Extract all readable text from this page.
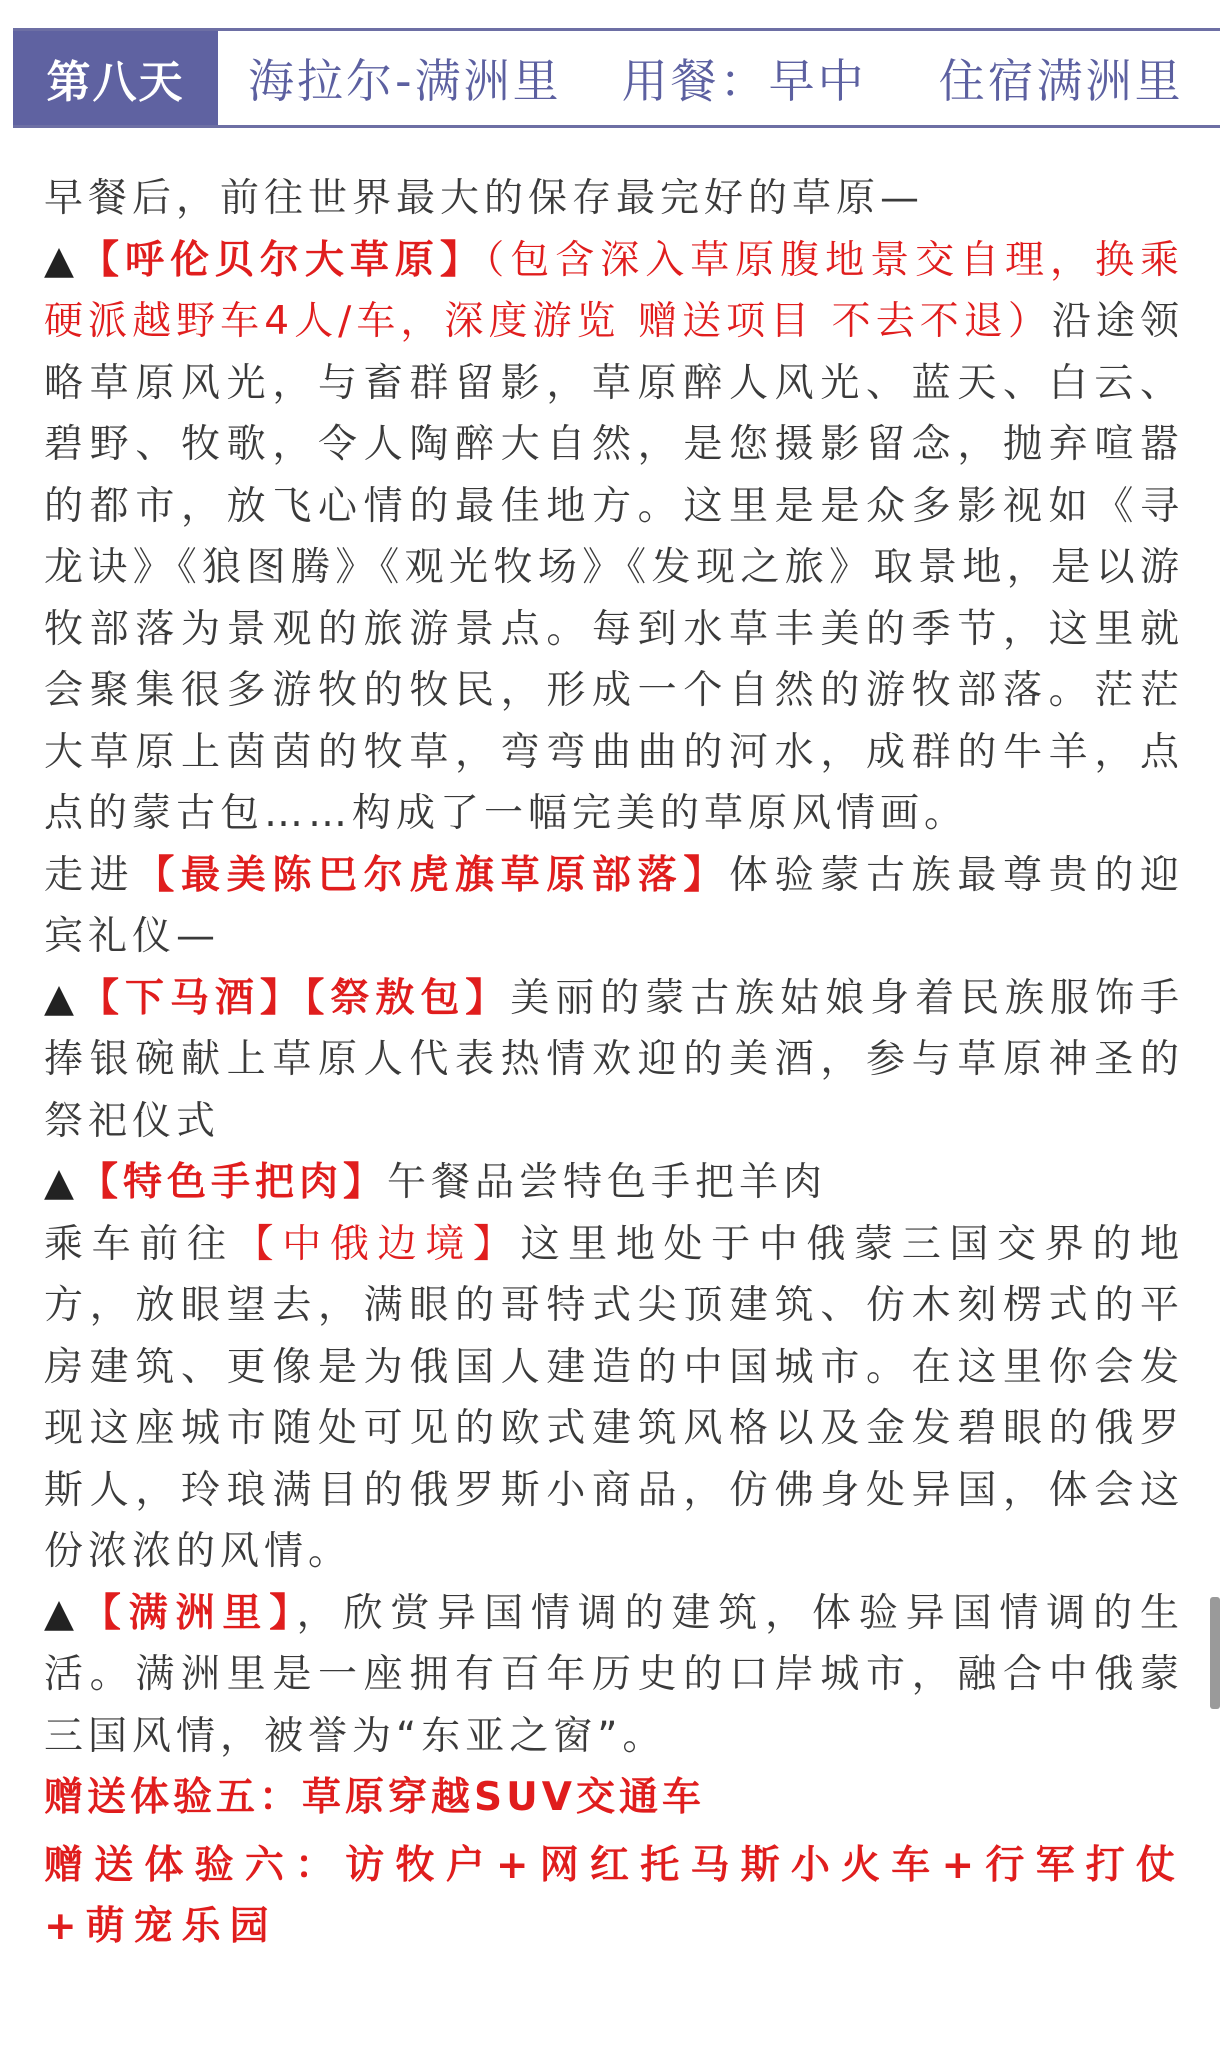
第八天	海拉尔-满洲里 用餐：早中 住宿满洲里

早餐后，前往世界最大的保存最完好的草原—

▲【呼伦贝尔大草原】（包含深入草原腹地景交自理，换乘硬派越野车4人/车，深度游览 赠送项目 不去不退）沿途领略草原风光，与畜群留影，草原醉人风光、蓝天、白云、碧野、牧歌，令人陶醉大自然，是您摄影留念，抛弃喧嚣的都市，放飞心情的最佳地方。这里是是众多影视如《寻龙诀》《狼图腾》《观光牧场》《发现之旅》取景地，是以游牧部落为景观的旅游景点。每到水草丰美的季节，这里就会聚集很多游牧的牧民，形成一个自然的游牧部落。茫茫大草原上茵茵的牧草，弯弯曲曲的河水，成群的牛羊，点点的蒙古包……构成了一幅完美的草原风情画。

走进【最美陈巴尔虎旗草原部落】体验蒙古族最尊贵的迎宾礼仪—

▲【下马酒】【祭敖包】美丽的蒙古族姑娘身着民族服饰手捧银碗献上草原人代表热情欢迎的美酒，参与草原神圣的祭祀仪式

▲【特色手把肉】午餐品尝特色手把羊肉

乘车前往【中俄边境】这里地处于中俄蒙三国交界的地方，放眼望去，满眼的哥特式尖顶建筑、仿木刻楞式的平房建筑、更像是为俄国人建造的中国城市。在这里你会发现这座城市随处可见的欧式建筑风格以及金发碧眼的俄罗斯人，玲琅满目的俄罗斯小商品，仿佛身处异国，体会这份浓浓的风情。

▲【满洲里】，欣赏异国情调的建筑，体验异国情调的生活。满洲里是一座拥有百年历史的口岸城市，融合中俄蒙三国风情，被誉为“东亚之窗”。

赠送体验五：草原穿越SUV交通车

赠送体验六：访牧户+网红托马斯小火车+行军打仗+萌宠乐园
